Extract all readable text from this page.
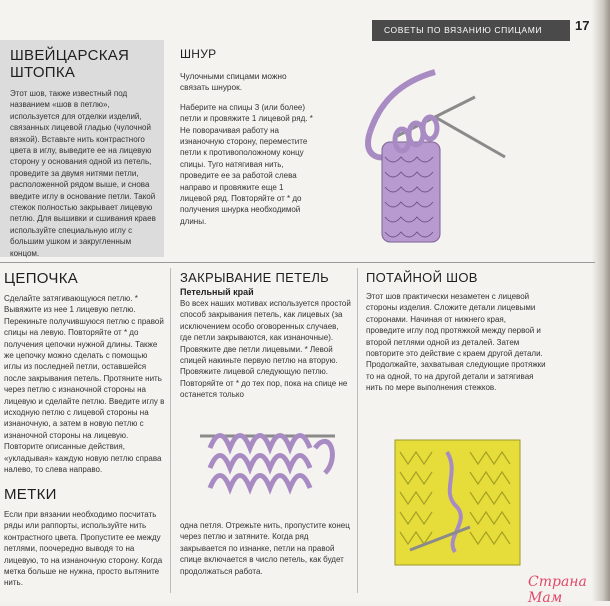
СОВЕТЫ ПО ВЯЗАНИЮ СПИЦАМИ	17
ШВЕЙЦАРСКАЯ ШТОПКА
Этот шов, также известный под названием «шов в петлю», используется для отделки изделий, связанных лицевой гладью (чулочной вязкой). Вставьте нить контрастного цвета в иглу, выведите ее на лицевую сторону у основания одной из петель, проведите за двумя нитями петли, расположенной рядом выше, и снова введите иглу в основание петли. Такой стежок полностью закрывает лицевую петлю. Для вышивки и сшивания краев используйте специальную иглу с большим ушком и закругленным концом.
ШНУР
Чулочными спицами можно связать шнурок.
Наберите на спицы 3 (или более) петли и провяжите 1 лицевой ряд. * Не поворачивая работу на изнаночную сторону, переместите петли к противоположному концу спицы. Туго натягивая нить, проведите ее за работой слева направо и провяжите еще 1 лицевой ряд. Повторяйте от * до получения шнурка необходимой длины.
ЦЕПОЧКА
Сделайте затягивающуюся петлю. * Вывяжите из нее 1 лицевую петлю. Перекиньте получившуюся петлю с правой спицы на левую. Повторяйте от * до получения цепочки нужной длины. Также же цепочку можно сделать с помощью иглы из последней петли, оставшейся после закрывания петель. Протяните нить через петлю с изнаночной стороны на лицевую и сделайте петлю. Введите иглу в исходную петлю с лицевой стороны на изнаночную, а затем в новую петлю с изнаночной стороны на лицевую. Повторите описанные действия, «укладывая» каждую новую петлю справа налево, то слева направо.
МЕТКИ
Если при вязании необходимо посчитать ряды или раппорты, используйте нить контрастного цвета. Пропустите ее между петлями, поочередно выводя то на лицевую, то на изнаночную сторону. Когда метка больше не нужна, просто вытяните нить.
ЗАКРЫВАНИЕ ПЕТЕЛЬ
Петельный край
Во всех наших мотивах используется простой способ закрывания петель, как лицевых (за исключением особо оговоренных случаев, где петли закрываются, как изнаночные). Провяжите две петли лицевыми. * Левой спицей накиньте первую петлю на вторую. Провяжите лицевой следующую петлю. Повторяйте от * до тех пор, пока на спице не останется только
одна петля. Отрежьте нить, пропустите конец через петлю и затяните. Когда ряд закрывается по изнанке, петли на правой спице включается в число петель, как будет продолжаться работа.
ПОТАЙНОЙ ШОВ
Этот шов практически незаметен с лицевой стороны изделия. Сложите детали лицевыми сторонами. Начиная от нижнего края, проведите иглу под протяжкой между первой и второй петлями одной из деталей. Затем повторите это действие с краем другой детали. Продолжайте, захватывая следующие протяжки то на одной, то на другой детали и затягивая нить по мере выполнения стежков.
Страна Мам
